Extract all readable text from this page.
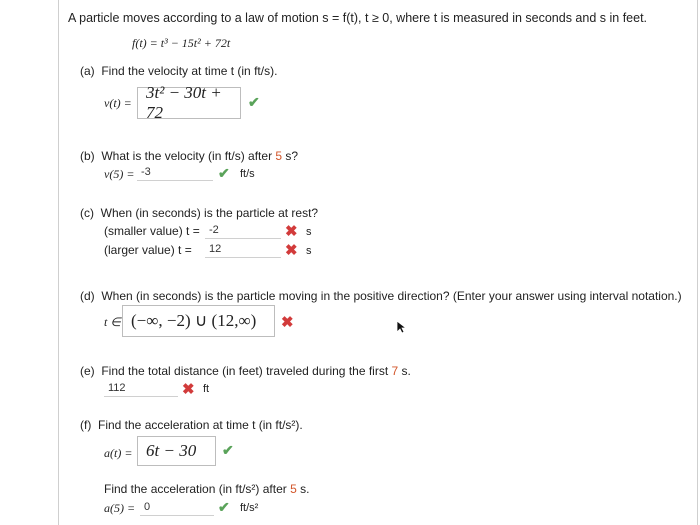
A particle moves according to a law of motion s = f(t), t ≥ 0, where t is measured in seconds and s in feet.
f(t) = t³ − 15t² + 72t
(a) Find the velocity at time t (in ft/s).
v(t) =
3t² − 30t + 72
✔
(b) What is the velocity (in ft/s) after 5 s?
v(5) =
-3	✔ ft/s
(c) When (in seconds) is the particle at rest?
(smaller value) t =
-2	✖ s
(larger value) t =
12	✖ s
(d) When (in seconds) is the particle moving in the positive direction? (Enter your answer using interval notation.)
t ∈ (−∞, −2) ∪ (12,∞)	✖
(e) Find the total distance (in feet) traveled during the first 7 s.
112
✖ ft
(f) Find the acceleration at time t (in ft/s²).
a(t) = 6t − 30	✔
Find the acceleration (in ft/s²) after 5 s.
a(5) =
0	✔ ft/s²
